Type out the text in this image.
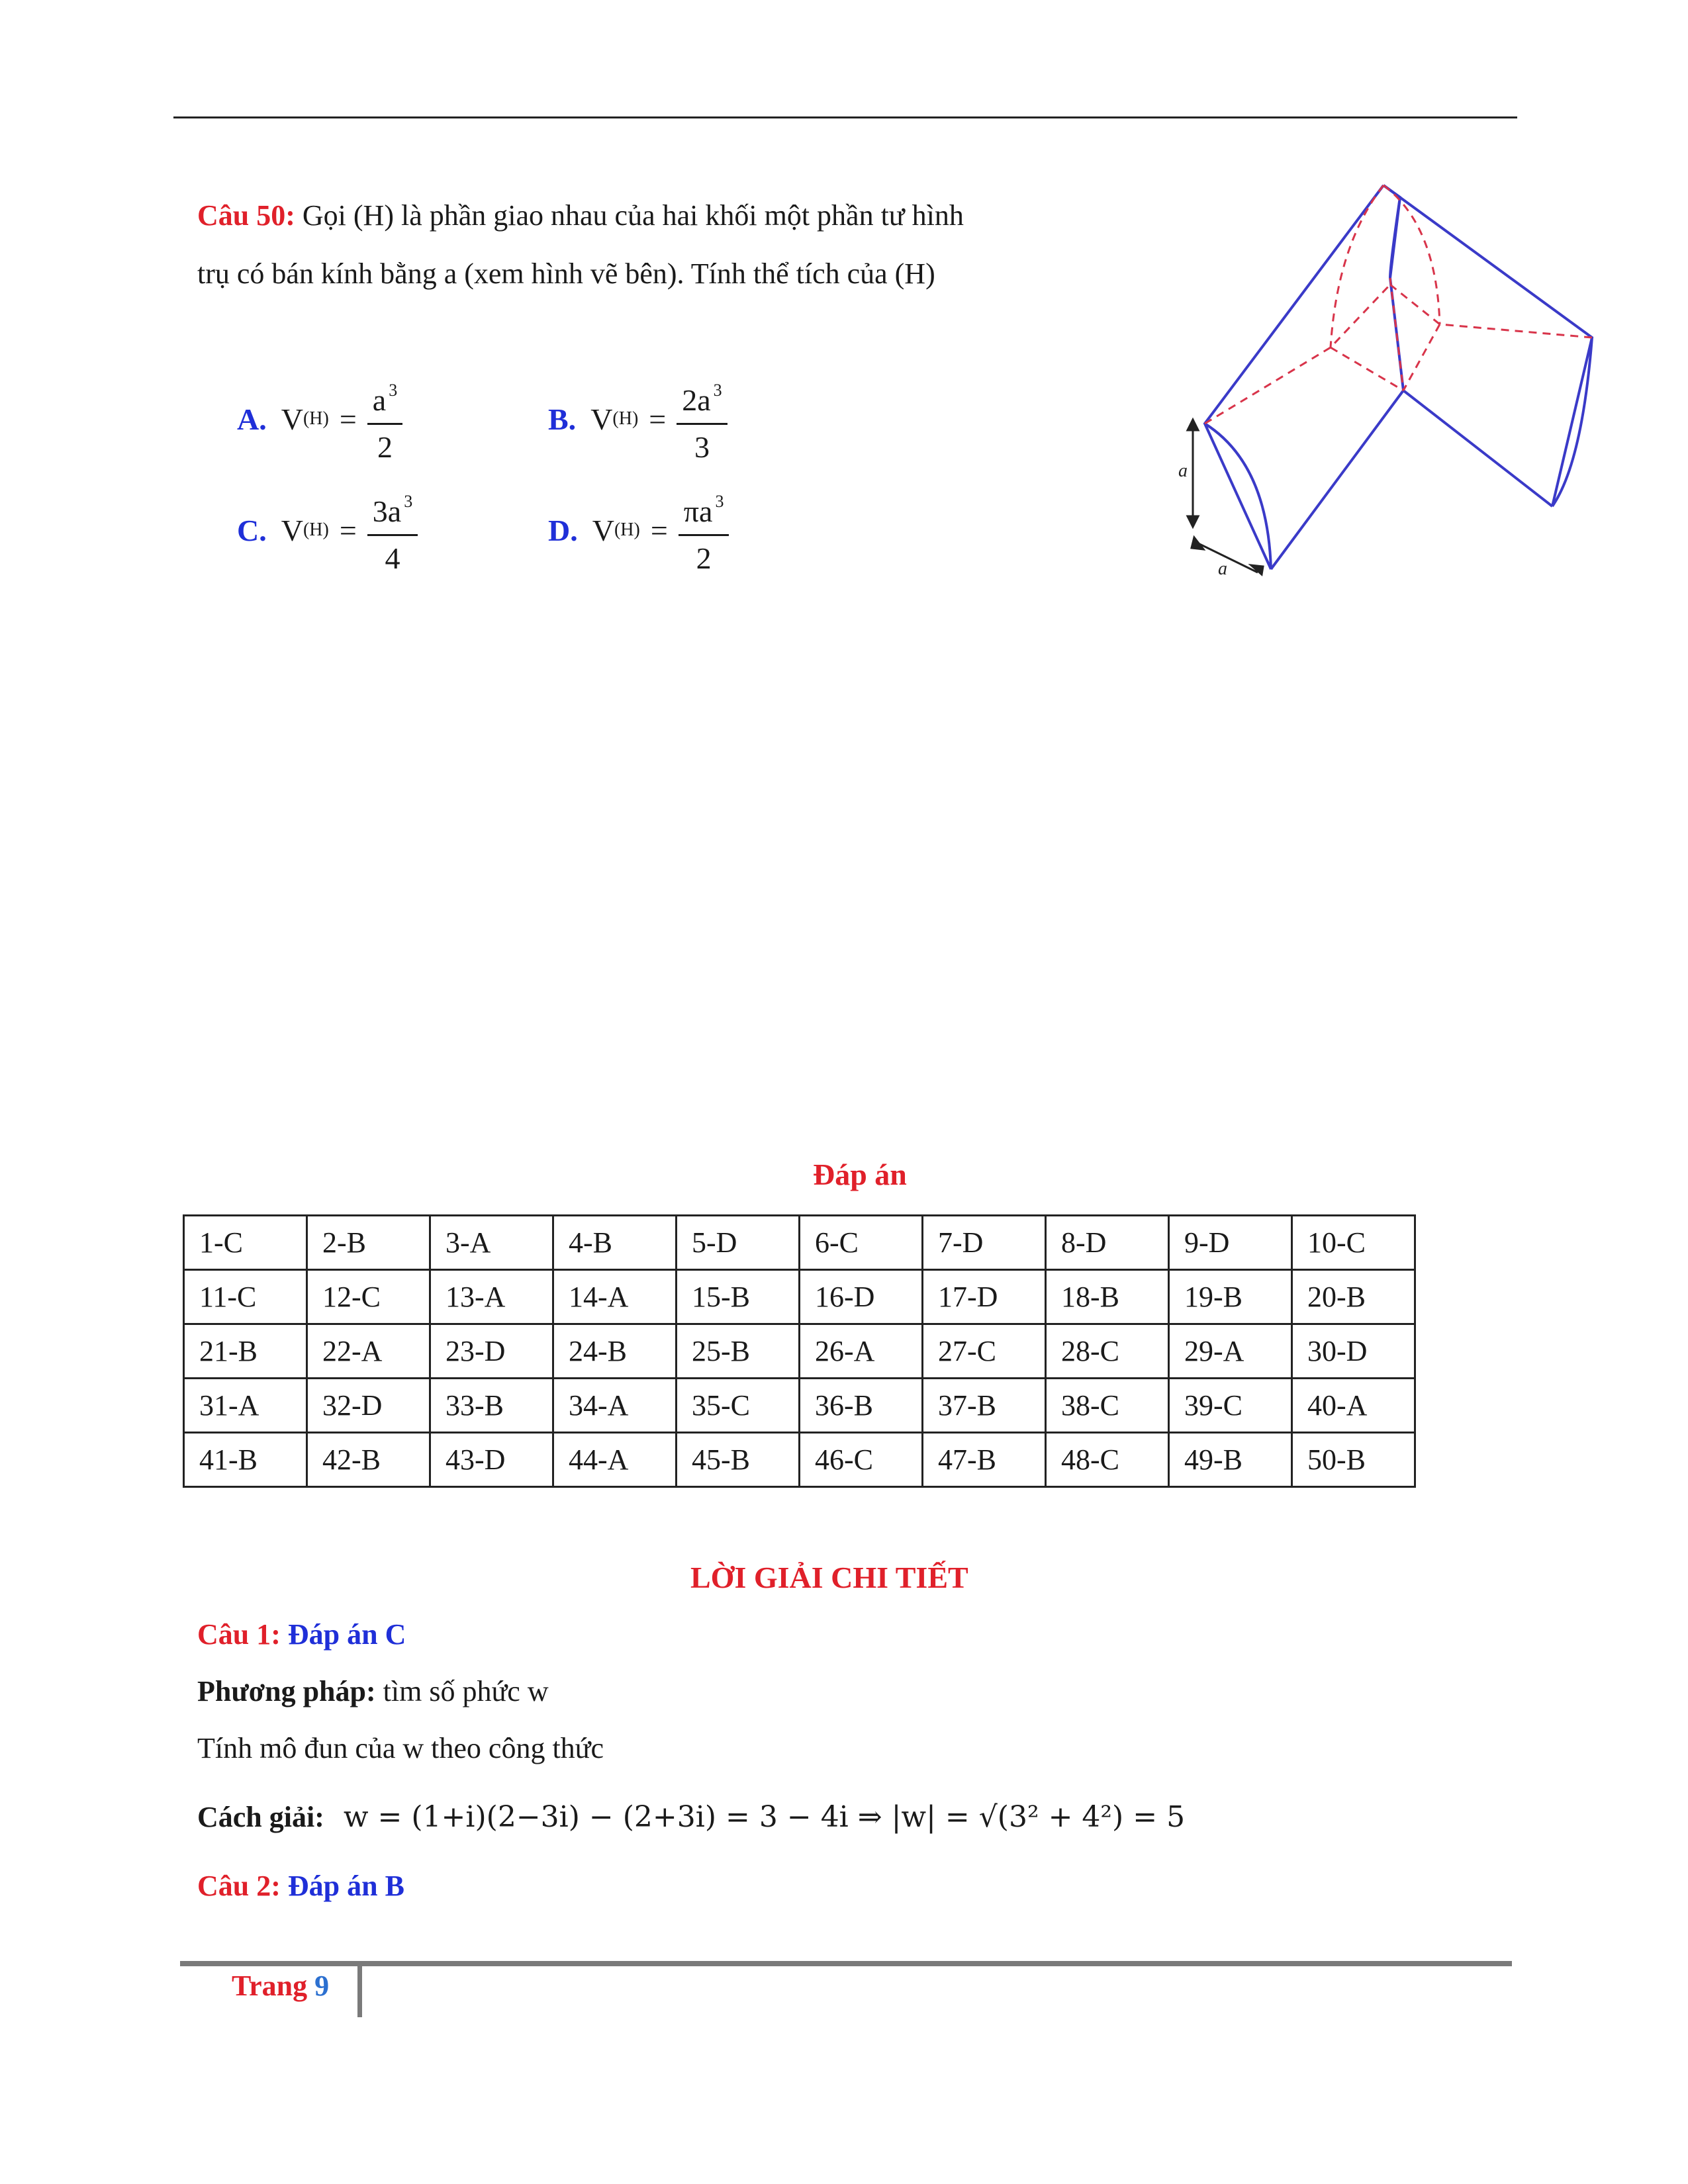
Câu 50: Gọi (H) là phần giao nhau của hai khối một phần tư hình
trụ có bán kính bằng a (xem hình vẽ bên). Tính thể tích của (H)
A. V $(H) = \frac{a ^3}{2}$	B. V $(H) = \frac{2a ^3}{3}$
C. V $(H) = \frac{3a ^3}{4}$	D. V $(H) = \frac{\pi a ^3}{2}$
a
a
Đáp án
1-C	2-B	3-A	4-B	5-D	6-C	7-D	8-D	9-D	10-C
11-C	12-C	13-A	14-A	15-B	16-D	17-D	18-B	19-B	20-B
21-B	22-A	23-D	24-B	25-B	26-A	27-C	28-C	29-A	30-D
31-A	32-D	33-B	34-A	35-C	36-B	37-B	38-C	39-C	40-A
41-B	42-B	43-D	44-A	45-B	46-C	47-B	48-C	49-B	50-B
LỜI GIẢI CHI TIẾT
Câu 1: Đáp án C
Phương pháp: tìm số phức w
Tính mô đun của w theo công thức
Cách giải: w = (1+i)(2−3i) − (2+3i) = 3 − 4i ⇒ |w| = √(3² + 4²) = 5
Câu 2: Đáp án B
Trang 9
